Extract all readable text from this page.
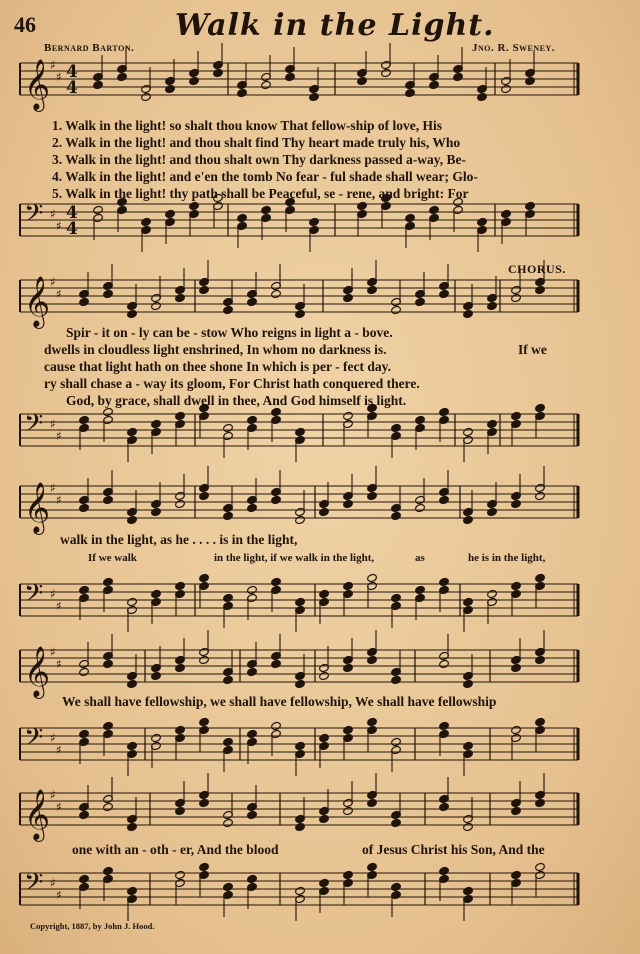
𝄞 ♯
♯ 4
4
𝄢 ♯
♯
4
4
𝄞 ♯
♯
𝄢 ♯
♯
𝄞 ♯
♯
𝄢 ♯
♯
𝄞 ♯
♯
𝄢 ♯
♯
𝄞 ♯
♯
𝄢 ♯
♯
46	Walk in the Light.
Bernard Barton.	Jno. R. Sweney.
1. Walk in the light! so shalt thou know That fellow-ship of love, His
2. Walk in the light! and thou shalt find Thy heart made truly his, Who
3. Walk in the light! and thou shalt own Thy darkness passed a-way, Be-
4. Walk in the light! and e'en the tomb No fear - ful shade shall wear; Glo-
5. Walk in the light! thy path shall be Peaceful, se - rene, and bright: For
CHORUS.
Spir - it on - ly can be - stow Who reigns in light a - bove.
dwells in cloudless light enshrined, In whom no darkness is.
cause that light hath on thee shone In which is per - fect day.
ry shall chase a - way its gloom, For Christ hath conquered there.
God, by grace, shall dwell in thee, And God himself is light.
If we
walk in the light, as he . . . . is in the light,
If we walk	in the light, if we walk in the light,	as	he is in the light,
We shall have fellowship, we shall have fellowship, We shall have fellowship
one with an - oth - er, And the blood	of Jesus Christ his Son, And the
Copyright, 1887, by John J. Hood.
